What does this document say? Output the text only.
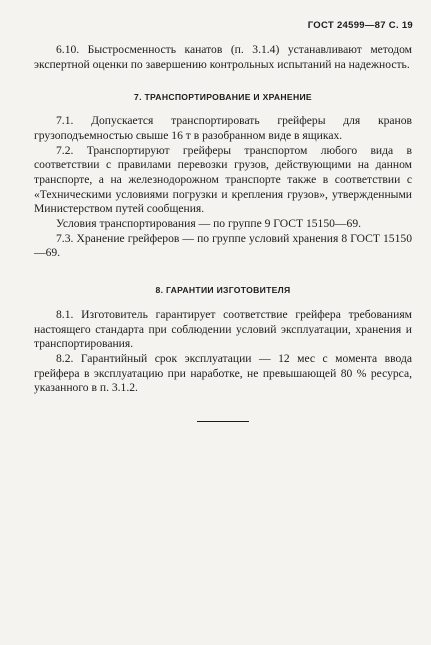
ГОСТ 24599—87 С. 19

6.10. Быстросменность канатов (п. 3.1.4) устанавливают методом экспертной оценки по завершению контрольных испытаний на надежность.

7. ТРАНСПОРТИРОВАНИЕ И ХРАНЕНИЕ

7.1. Допускается транспортировать грейферы для кранов грузоподъемностью свыше 16 т в разобранном виде в ящиках.

7.2. Транспортируют грейферы транспортом любого вида в соответствии с правилами перевозки грузов, действующими на данном транспорте, а на железнодорожном транспорте также в соответствии с «Техническими условиями погрузки и крепления грузов», утвержденными Министерством путей сообщения.

Условия транспортирования — по группе 9 ГОСТ 15150—69.

7.3. Хранение грейферов — по группе условий хранения 8 ГОСТ 15150—69.

8. ГАРАНТИИ ИЗГОТОВИТЕЛЯ

8.1. Изготовитель гарантирует соответствие грейфера требованиям настоящего стандарта при соблюдении условий эксплуатации, хранения и транспортирования.

8.2. Гарантийный срок эксплуатации — 12 мес с момента ввода грейфера в эксплуатацию при наработке, не превышающей 80 % ресурса, указанного в п. 3.1.2.
